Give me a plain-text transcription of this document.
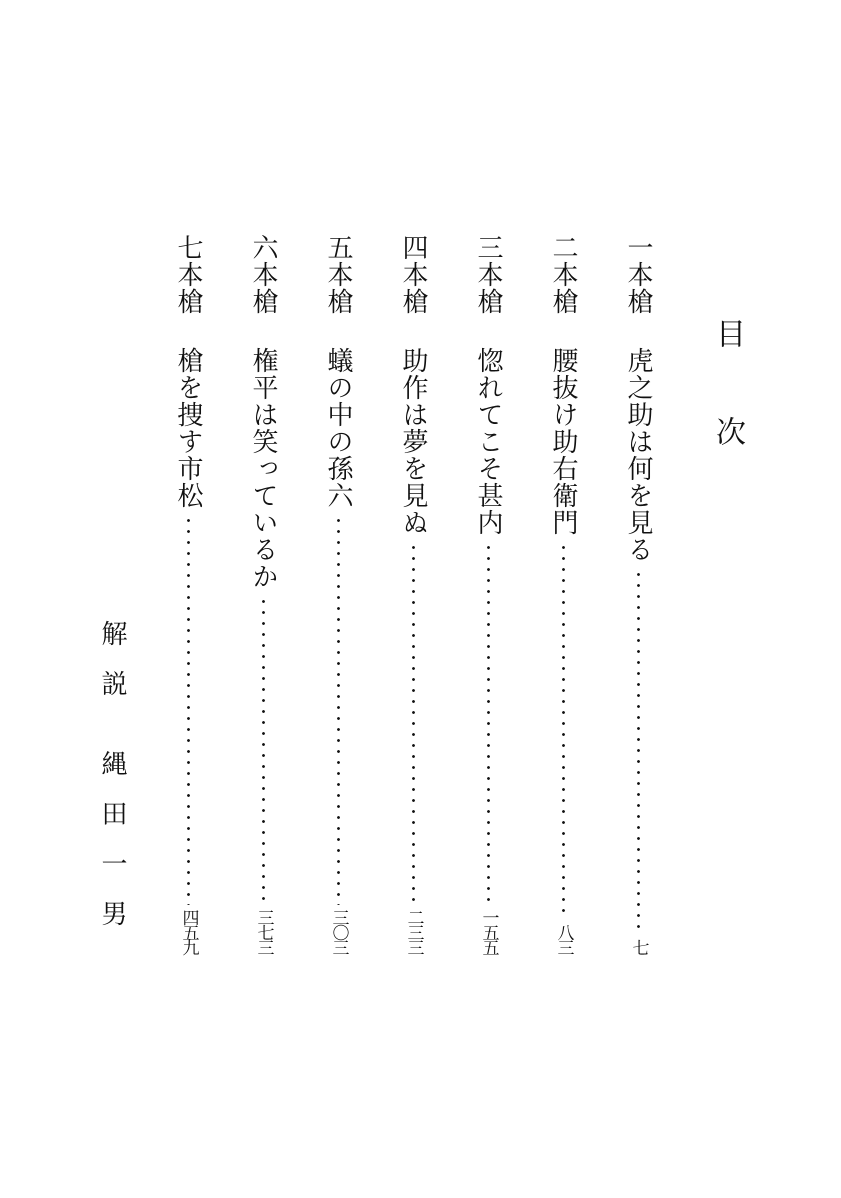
目次
一本槍
虎之助は何を見る
七
二本槍
腰抜け助右衛門
八三
三本槍
惚れてこそ甚内
一五五
四本槍
助作は夢を見ぬ
二三三
五本槍
蟻の中の孫六
三〇三
六本槍
権平は笑っているか
三七三
七本槍
槍を捜す市松
四五九
解説
縄田一男
